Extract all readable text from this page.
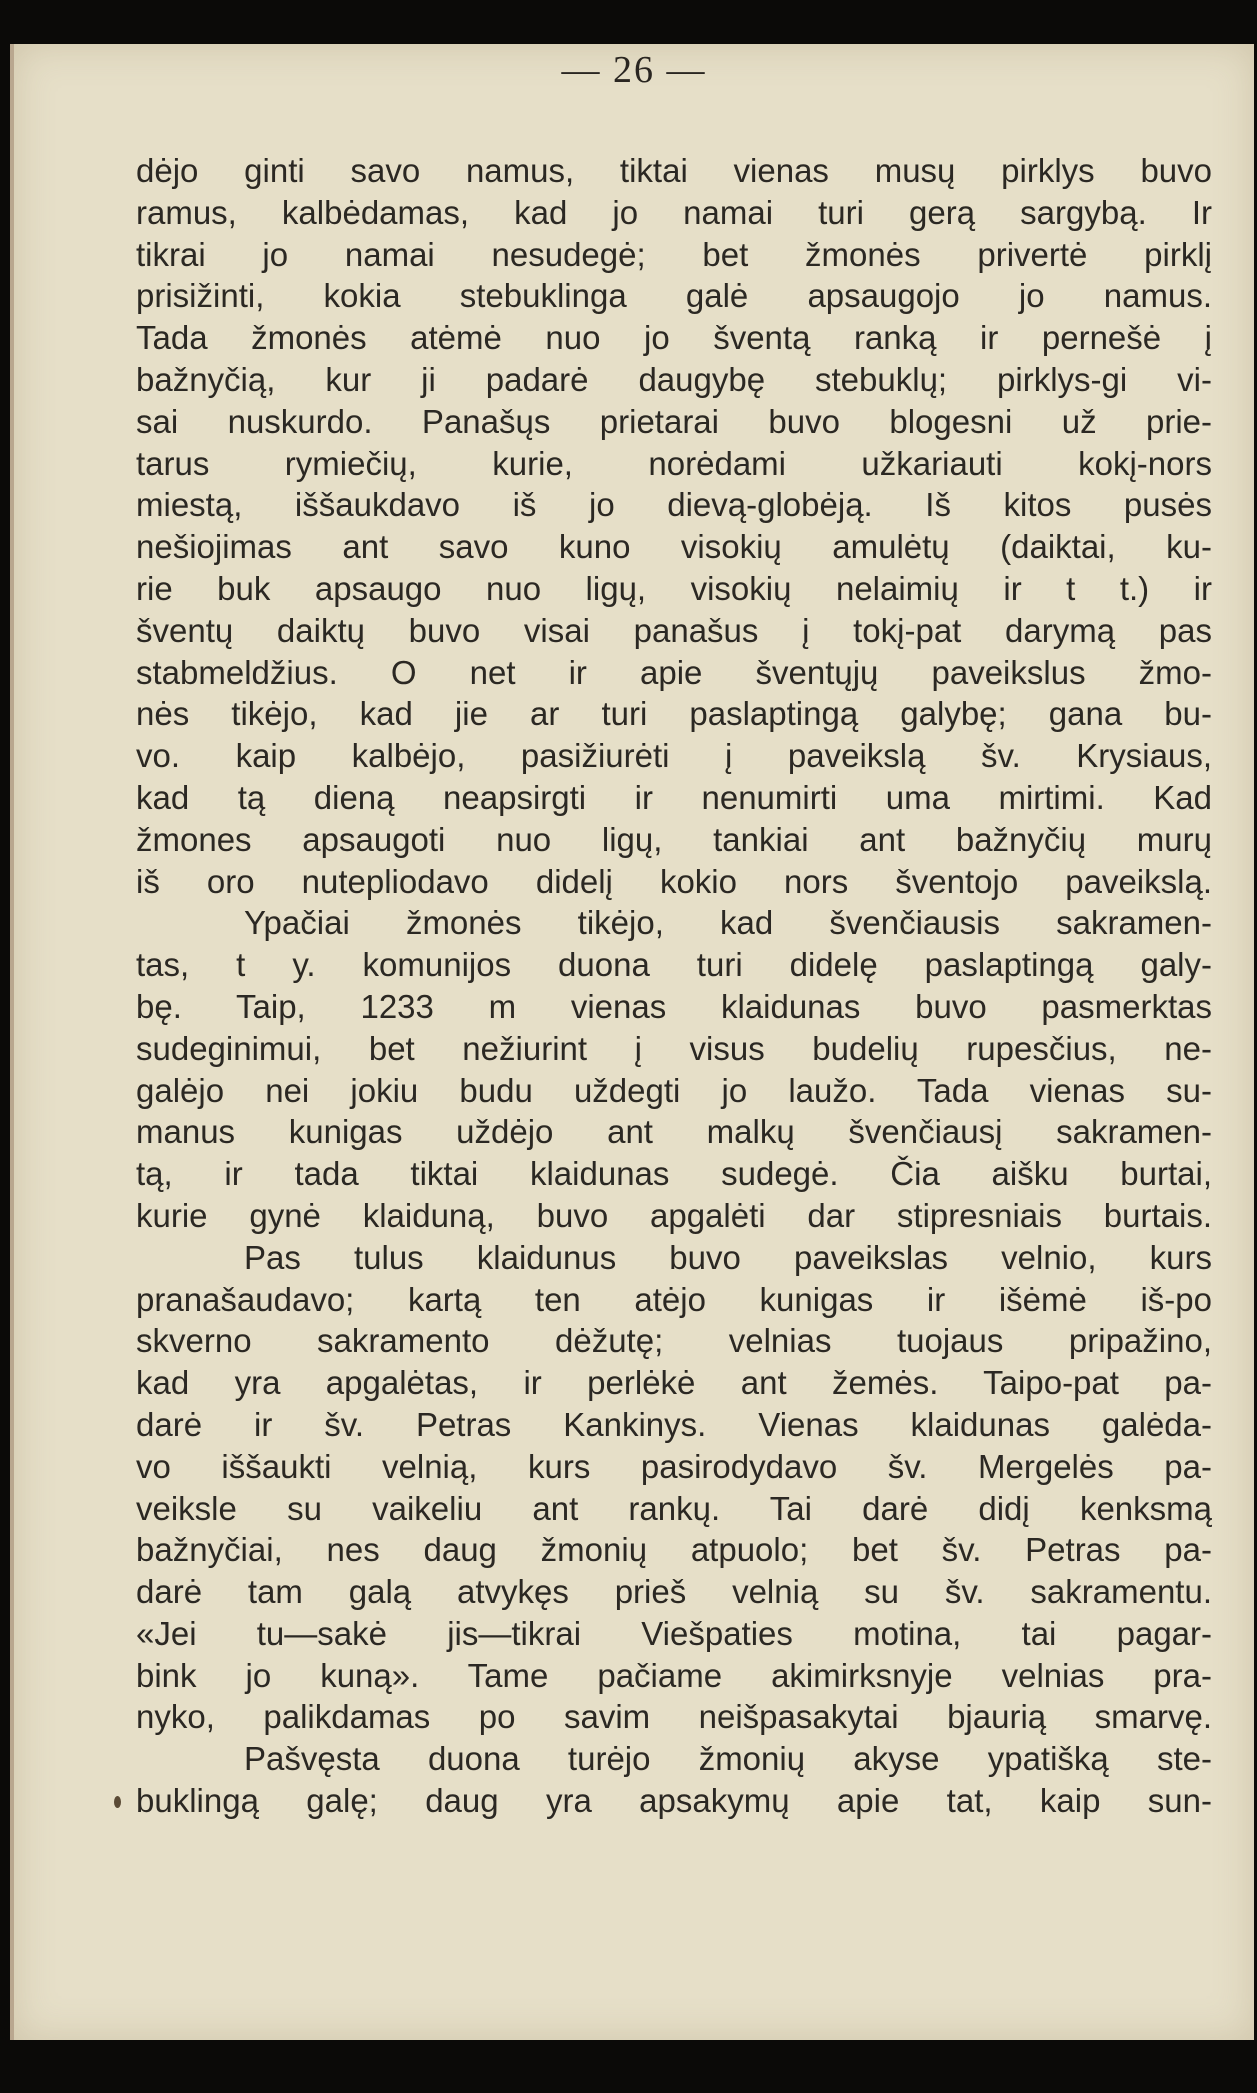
— 26 —
dėjo ginti savo namus, tiktai vienas musų pirklys buvo
ramus, kalbėdamas, kad jo namai turi gerą sargybą. Ir
tikrai jo namai nesudegė; bet žmonės privertė pirklį
prisižinti, kokia stebuklinga galė apsaugojo jo namus.
Tada žmonės atėmė nuo jo šventą ranką ir pernešė į
bažnyčią, kur ji padarė daugybę stebuklų; pirklys-gi vi-
sai nuskurdo. Panašųs prietarai buvo blogesni už prie-
tarus rymiečių, kurie, norėdami užkariauti kokį-nors
miestą, iššaukdavo iš jo dievą-globėją. Iš kitos pusės
nešiojimas ant savo kuno visokių amulėtų (daiktai, ku-
rie buk apsaugo nuo ligų, visokių nelaimių ir t t.) ir
šventų daiktų buvo visai panašus į tokį-pat darymą pas
stabmeldžius. O net ir apie šventųjų paveikslus žmo-
nės tikėjo, kad jie ar turi paslaptingą galybę; gana bu-
vo. kaip kalbėjo, pasižiurėti į paveikslą šv. Krysiaus,
kad tą dieną neapsirgti ir nenumirti uma mirtimi. Kad
žmones apsaugoti nuo ligų, tankiai ant bažnyčių murų
iš oro nutepliodavo didelį kokio nors šventojo paveikslą.
Ypačiai žmonės tikėjo, kad švenčiausis sakramen-
tas, t y. komunijos duona turi didelę paslaptingą galy-
bę. Taip, 1233 m vienas klaidunas buvo pasmerktas
sudeginimui, bet nežiurint į visus budelių rupesčius, ne-
galėjo nei jokiu budu uždegti jo laužo. Tada vienas su-
manus kunigas uždėjo ant malkų švenčiausį sakramen-
tą, ir tada tiktai klaidunas sudegė. Čia aišku burtai,
kurie gynė klaiduną, buvo apgalėti dar stipresniais burtais.
Pas tulus klaidunus buvo paveikslas velnio, kurs
pranašaudavo; kartą ten atėjo kunigas ir išėmė iš-po
skverno sakramento dėžutę; velnias tuojaus pripažino,
kad yra apgalėtas, ir perlėkė ant žemės. Taipo-pat pa-
darė ir šv. Petras Kankinys. Vienas klaidunas galėda-
vo iššaukti velnią, kurs pasirodydavo šv. Mergelės pa-
veiksle su vaikeliu ant rankų. Tai darė didį kenksmą
bažnyčiai, nes daug žmonių atpuolo; bet šv. Petras pa-
darė tam galą atvykęs prieš velnią su šv. sakramentu.
«Jei tu—sakė jis—tikrai Viešpaties motina, tai pagar-
bink jo kuną». Tame pačiame akimirksnyje velnias pra-
nyko, palikdamas po savim neišpasakytai bjaurią smarvę.
Pašvęsta duona turėjo žmonių akyse ypatišką ste-
buklingą galę; daug yra apsakymų apie tat, kaip sun-
